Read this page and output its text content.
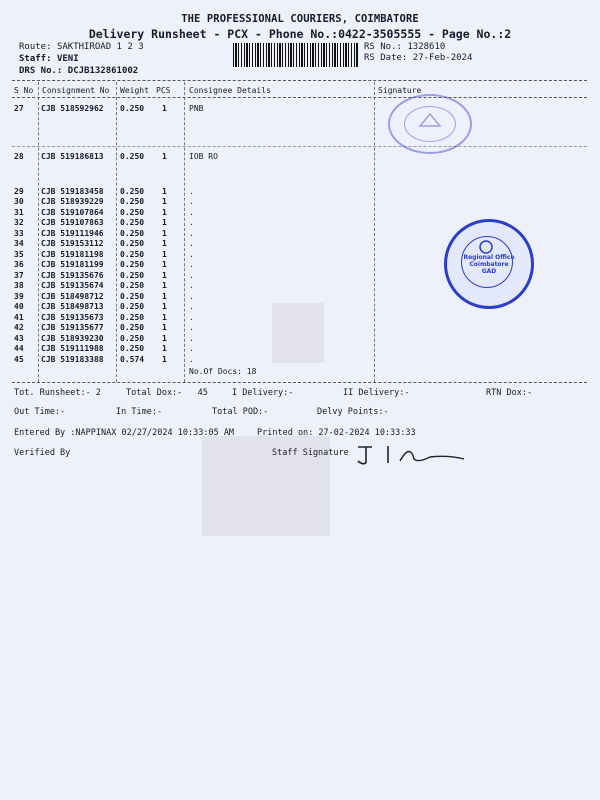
THE PROFESSIONAL COURIERS, COIMBATORE
Delivery Runsheet - PCX - Phone No.:0422-3505555 - Page No.:2
Route: SAKTHIROAD 1 2 3
Staff: VENI
DRS No.: DCJB132861002
RS No.: 1328610
RS Date: 27-Feb-2024
S No Consignment No Weight PCS Consignee Details	Signature
27 CJB 518592962 0.250 1	PNB
28 CJB 519186813 0.250 1	IOB RO
29 CJB 519183458 0.250 1	.
30 CJB 518939229 0.250 1	.
31 CJB 519107864 0.250 1	.
32 CJB 519107863 0.250 1	.
33 CJB 519111946 0.250 1	.
34 CJB 519153112 0.250 1	.
35 CJB 519181198 0.250 1	.
36 CJB 519181199 0.250 1	.
37 CJB 519135676 0.250 1	.
38 CJB 519135674 0.250 1	.
39 CJB 518498712 0.250 1	.
40 CJB 518498713 0.250 1	.
41 CJB 519135673 0.250 1	.
42 CJB 519135677 0.250 1	.
43 CJB 518939230 0.250 1	.
44 CJB 519111988 0.250 1	.
45 CJB 519183388 0.574 1	.
No.Of Docs: 18
Tot. Runsheet:- 2	Total Dox:- 45	I Delivery:-	II Delivery:-	RTN Dox:-
Out Time:-	In Time:-	Total POD:-	Delvy Points:-
Entered By :NAPPINAX 02/27/2024 10:33:05 AM	Printed on: 27-02-2024 10:33:33
Verified By	Staff Signature
Regional Office
Coimbatore
GAD
